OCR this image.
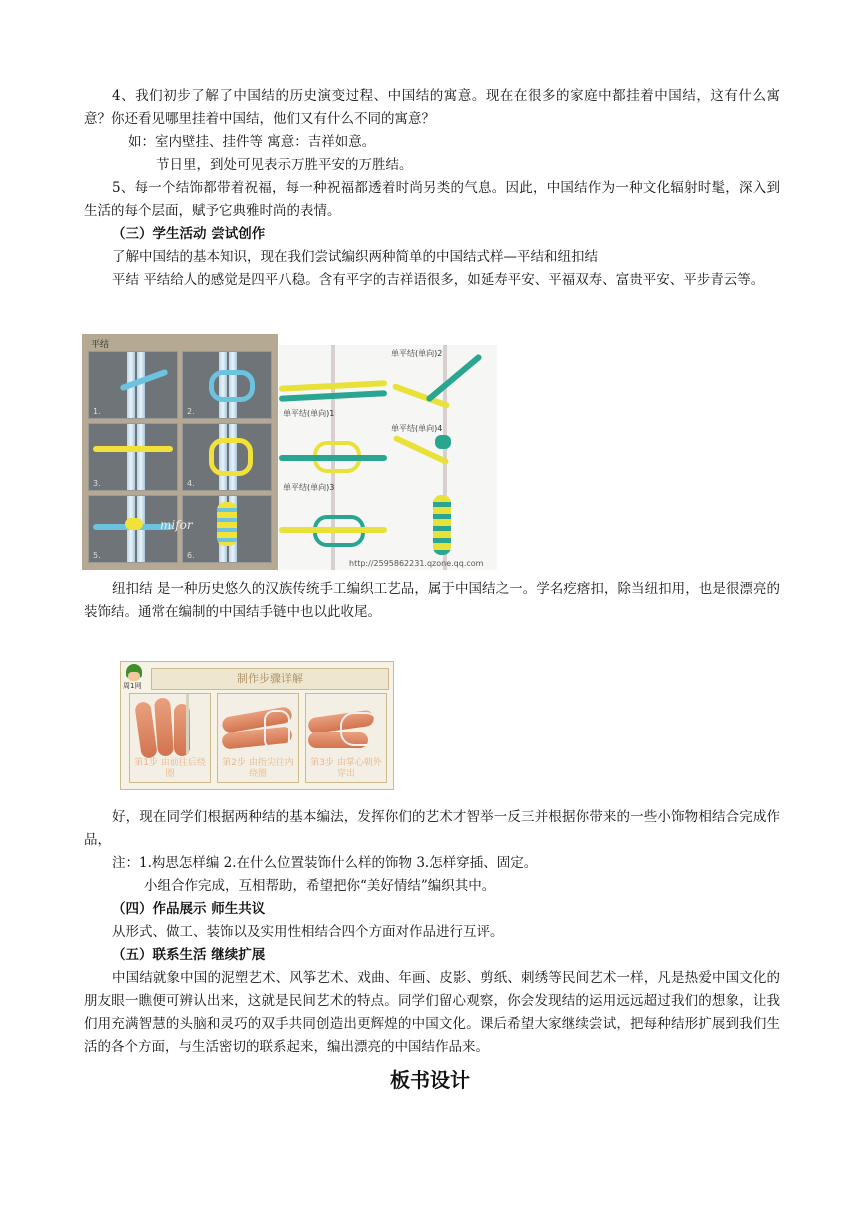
4、我们初步了解了中国结的历史演变过程、中国结的寓意。现在在很多的家庭中都挂着中国结，这有什么寓意？你还看见哪里挂着中国结，他们又有什么不同的寓意？

如：室内壁挂、挂件等 寓意：吉祥如意。

节日里，到处可见表示万胜平安的万胜结。

5、每一个结饰都带着祝福，每一种祝福都透着时尚另类的气息。因此，中国结作为一种文化辐射时髦，深入到生活的每个层面，赋予它典雅时尚的表情。

（三）学生活动 尝试创作

了解中国结的基本知识，现在我们尝试编织两种简单的中国结式样—平结和纽扣结

平结 平结给人的感觉是四平八稳。含有平字的吉祥语很多，如延寿平安、平福双寿、富贵平安、平步青云等。

平结
1.	2.
3.	4.
5.	6.
mifor
单平结(单向)1
单平结(单向)2
单平结(单向)3
单平结(单向)4
http://2595862231.qzone.qq.com

纽扣结 是一种历史悠久的汉族传统手工编织工艺品，属于中国结之一。学名疙瘩扣，除当纽扣用，也是很漂亮的装饰结。通常在编制的中国结手链中也以此收尾。

周1网
制作步骤详解
第1步 由前往后绕圈
第2步 由指尖往内绕圈
第3步 由掌心朝外穿出

好，现在同学们根据两种结的基本编法，发挥你们的艺术才智举一反三并根据你带来的一些小饰物相结合完成作品，

注：1.构思怎样编 2.在什么位置装饰什么样的饰物 3.怎样穿插、固定。

小组合作完成，互相帮助，希望把你“美好情结”编织其中。

（四）作品展示 师生共议

从形式、做工、装饰以及实用性相结合四个方面对作品进行互评。

（五）联系生活 继续扩展

中国结就象中国的泥塑艺术、风筝艺术、戏曲、年画、皮影、剪纸、刺绣等民间艺术一样，凡是热爱中国文化的朋友眼一瞧便可辨认出来，这就是民间艺术的特点。同学们留心观察，你会发现结的运用远远超过我们的想象，让我们用充满智慧的头脑和灵巧的双手共同创造出更辉煌的中国文化。课后希望大家继续尝试，把每种结形扩展到我们生活的各个方面，与生活密切的联系起来，编出漂亮的中国结作品来。

板书设计
